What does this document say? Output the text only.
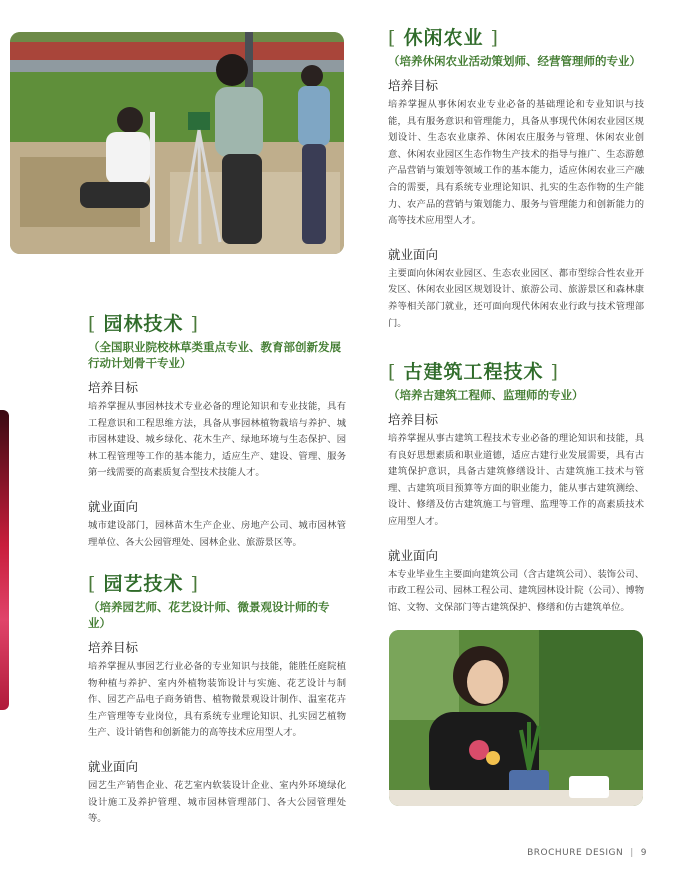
[ 休闲农业 ]
（培养休闲农业活动策划师、经营管理师的专业）
培养目标
培养掌握从事休闲农业专业必备的基础理论和专业知识与技能，具有服务意识和管理能力，具备从事现代休闲农业园区规划设计、生态农业康养、休闲农庄服务与管理、休闲农业创意、休闲农业园区生态作物生产技术的指导与推广、生态游憩产品营销与策划等领域工作的基本能力，适应休闲农业三产融合的需要，具有系统专业理论知识、扎实的生态作物的生产能力、农产品的营销与策划能力、服务与管理能力和创新能力的高等技术应用型人才。
就业面向
主要面向休闲农业园区、生态农业园区、都市型综合性农业开发区、休闲农业园区规划设计、旅游公司、旅游景区和森林康养等相关部门就业，还可面向现代休闲农业行政与技术管理部门。
[ 园林技术 ]
（全国职业院校林草类重点专业、教育部创新发展行动计划骨干专业）
培养目标
培养掌握从事园林技术专业必备的理论知识和专业技能，具有工程意识和工程思维方法，具备从事园林植物栽培与养护、城市园林建设、城乡绿化、花木生产、绿地环境与生态保护、园林工程管理等工作的基本能力，适应生产、建设、管理、服务第一线需要的高素质复合型技术技能人才。
就业面向
城市建设部门，园林苗木生产企业、房地产公司、城市园林管理单位、各大公园管理处、园林企业、旅游景区等。
[ 古建筑工程技术 ]
（培养古建筑工程师、监理师的专业）
培养目标
培养掌握从事古建筑工程技术专业必备的理论知识和技能，具有良好思想素质和职业道德，适应古建行业发展需要，具有古建筑保护意识，具备古建筑修缮设计、古建筑施工技术与管理、古建筑项目预算等方面的职业能力，能从事古建筑测绘、设计、修缮及仿古建筑施工与管理、监理等工作的高素质技术应用型人才。
就业面向
本专业毕业生主要面向建筑公司（含古建筑公司）、装饰公司、市政工程公司、园林工程公司、建筑园林设计院（公司）、博物馆、文物、文保部门等古建筑保护、修缮和仿古建筑单位。
[ 园艺技术 ]
（培养园艺师、花艺设计师、微景观设计师的专业）
培养目标
培养掌握从事园艺行业必备的专业知识与技能，能胜任庭院植物种植与养护、室内外植物装饰设计与实施、花艺设计与制作、园艺产品电子商务销售、植物微景观设计制作、温室花卉生产管理等专业岗位，具有系统专业理论知识、扎实园艺植物生产、设计销售和创新能力的高等技术应用型人才。
就业面向
园艺生产销售企业、花艺室内软装设计企业、室内外环境绿化设计施工及养护管理、城市园林管理部门、各大公园管理处等。
BROCHURE DESIGN | 9
